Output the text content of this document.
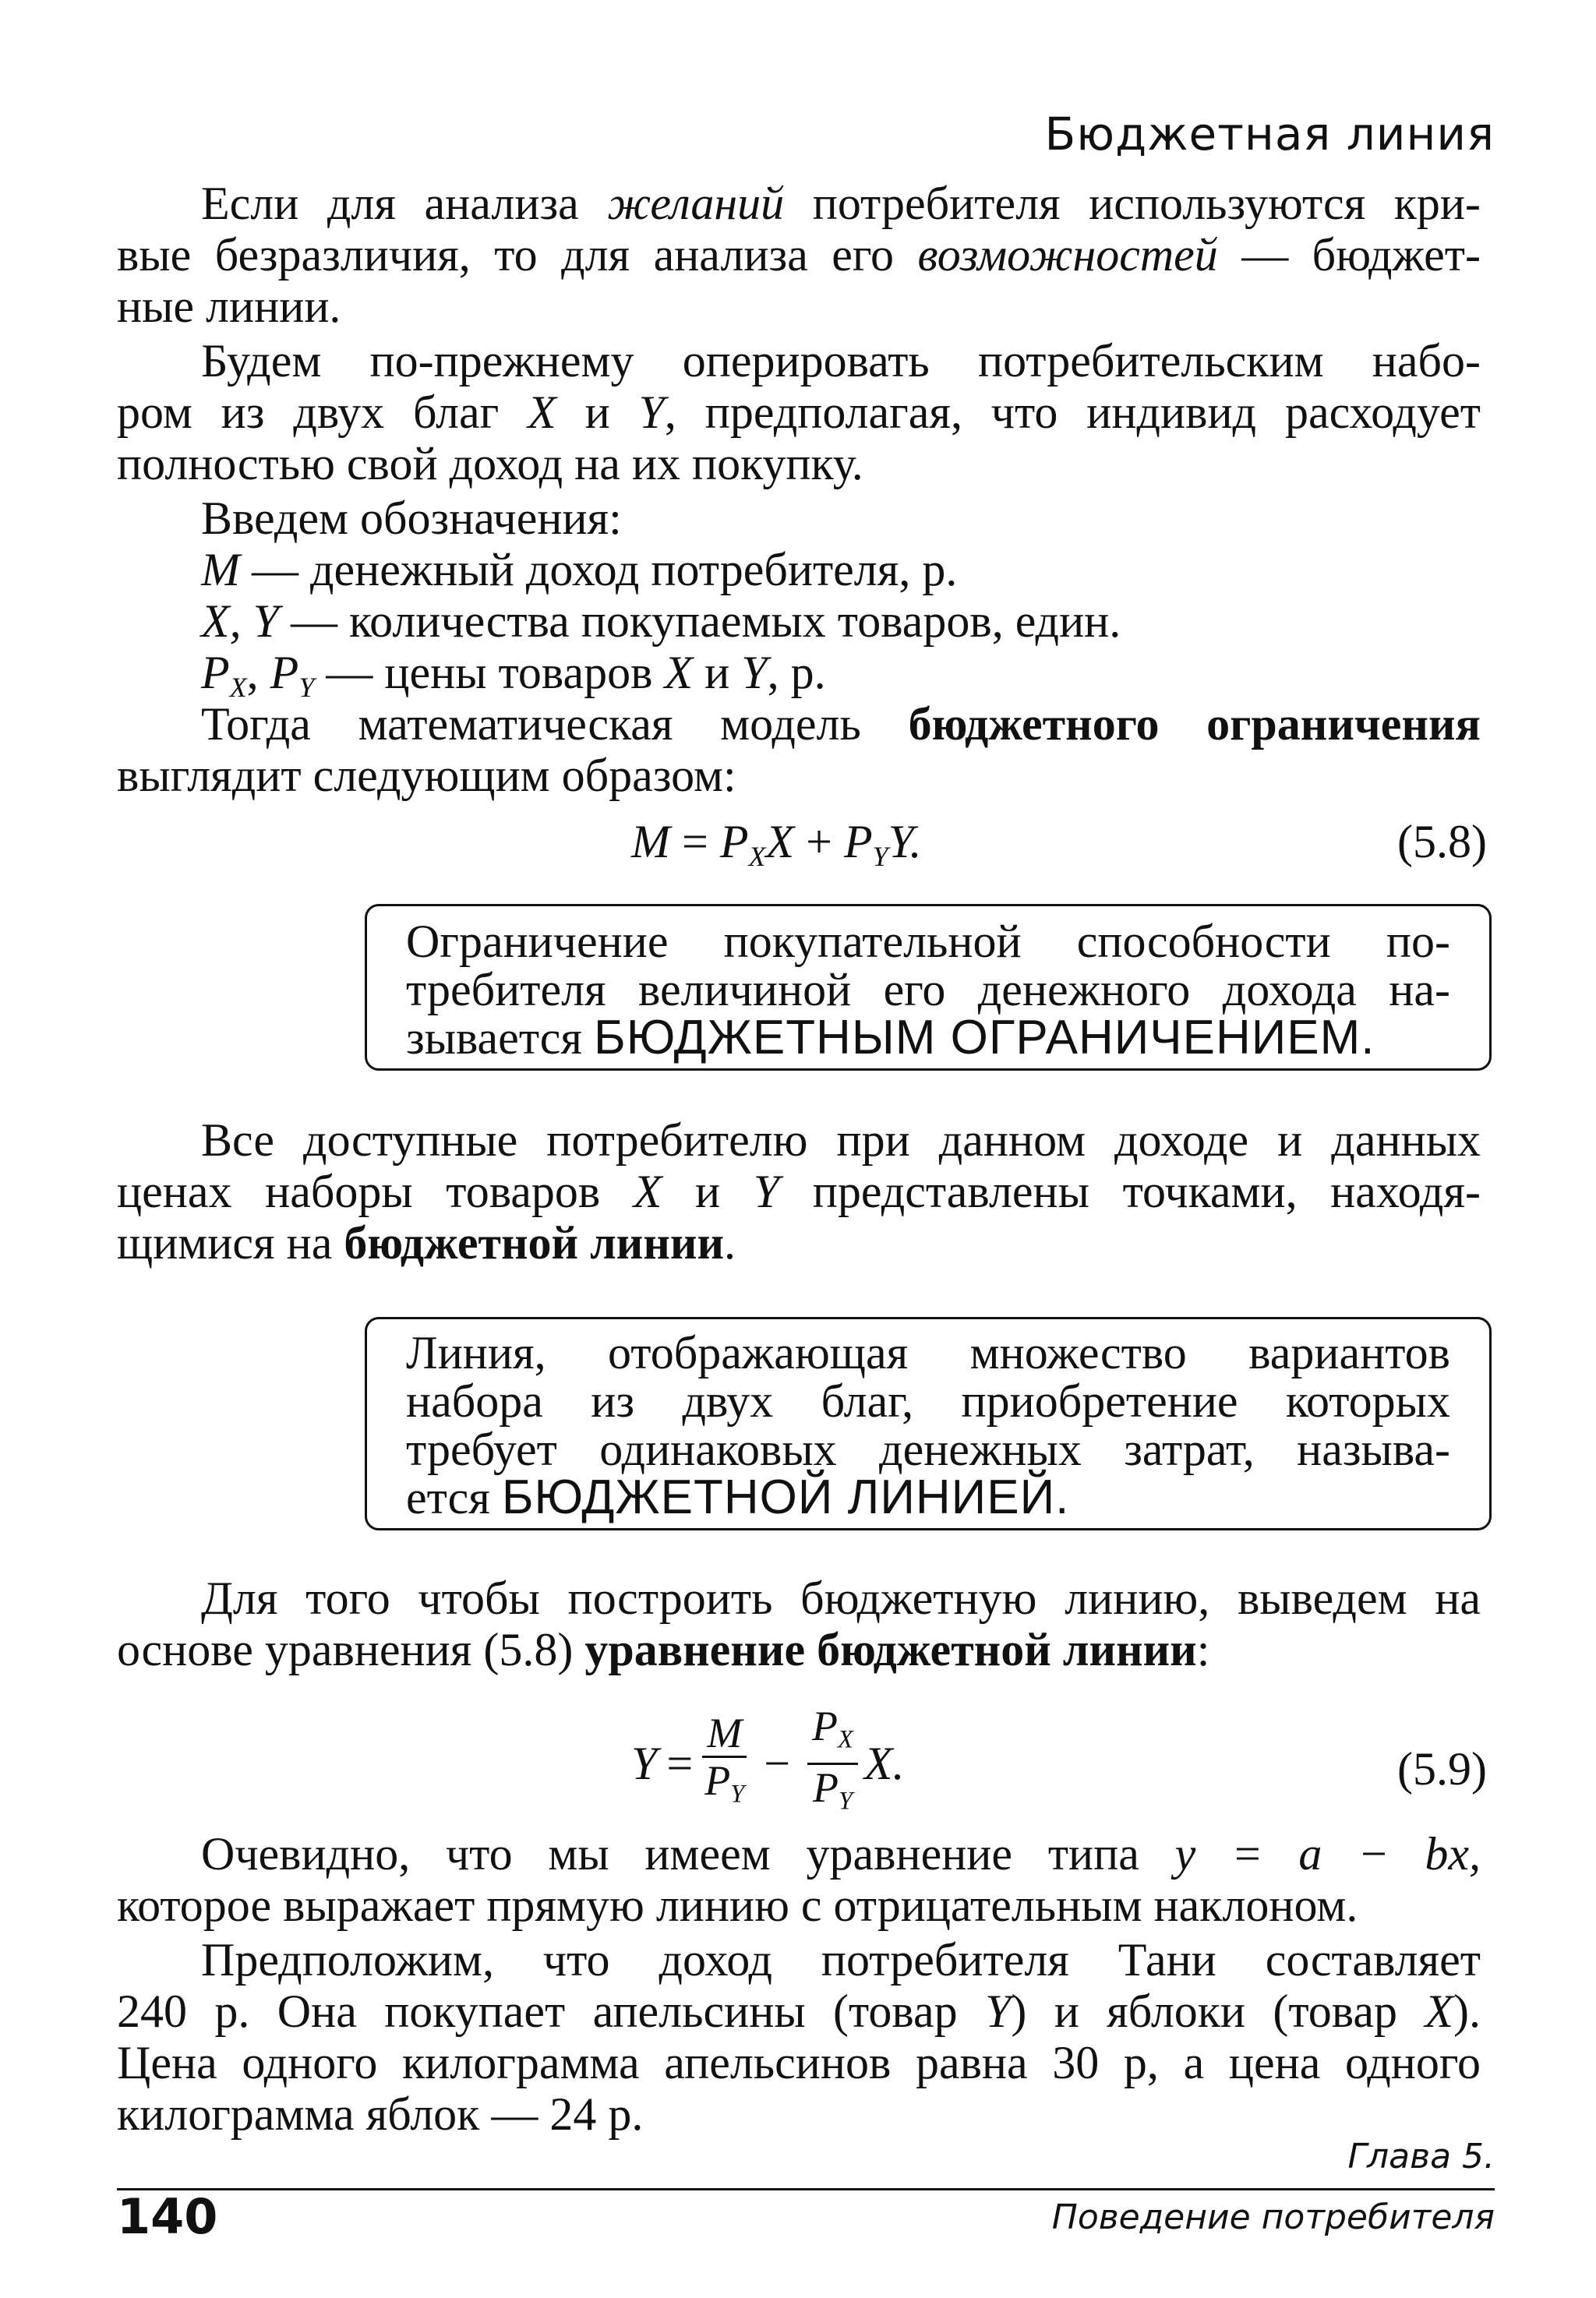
Бюджетная линия
Если для анализа желаний потребителя используются кри-
вые безразличия, то для анализа его возможностей — бюджет-
ные линии.
Будем по-прежнему оперировать потребительским набо-
ром из двух благ X и Y, предполагая, что индивид расходует
полностью свой доход на их покупку.
Введем обозначения:
M — денежный доход потребителя, р.
X, Y — количества покупаемых товаров, един.
$P_X$, $P_Y$ — цены товаров X и Y, р.
Тогда математическая модель бюджетного ограничения
выглядит следующим образом:
$M = P_XX + P_YY$.	(5.8)
Ограничение покупательной способности по-
требителя величиной его денежного дохода на-
зывается БЮДЖЕТНЫМ ОГРАНИЧЕНИЕМ.
Все доступные потребителю при данном доходе и данных
ценах наборы товаров X и Y представлены точками, находя-
щимися на бюджетной линии.
Линия, отображающая множество вариантов
набора из двух благ, приобретение которых
требует одинаковых денежных затрат, называ-
ется БЮДЖЕТНОЙ ЛИНИЕЙ.
Для того чтобы построить бюджетную линию, выведем на
основе уравнения (5.8) уравнение бюджетной линии:
$Y = \frac{M}{P_Y} - \frac{P_X}{P_Y} X$.	(5.9)
Очевидно, что мы имеем уравнение типа у = а − bx,
которое выражает прямую линию с отрицательным наклоном.
Предположим, что доход потребителя Тани составляет
240 р. Она покупает апельсины (товар Y) и яблоки (товар X).
Цена одного килограмма апельсинов равна 30 р, а цена одного
килограмма яблок — 24 р.
Глава 5.
140	Поведение потребителя
